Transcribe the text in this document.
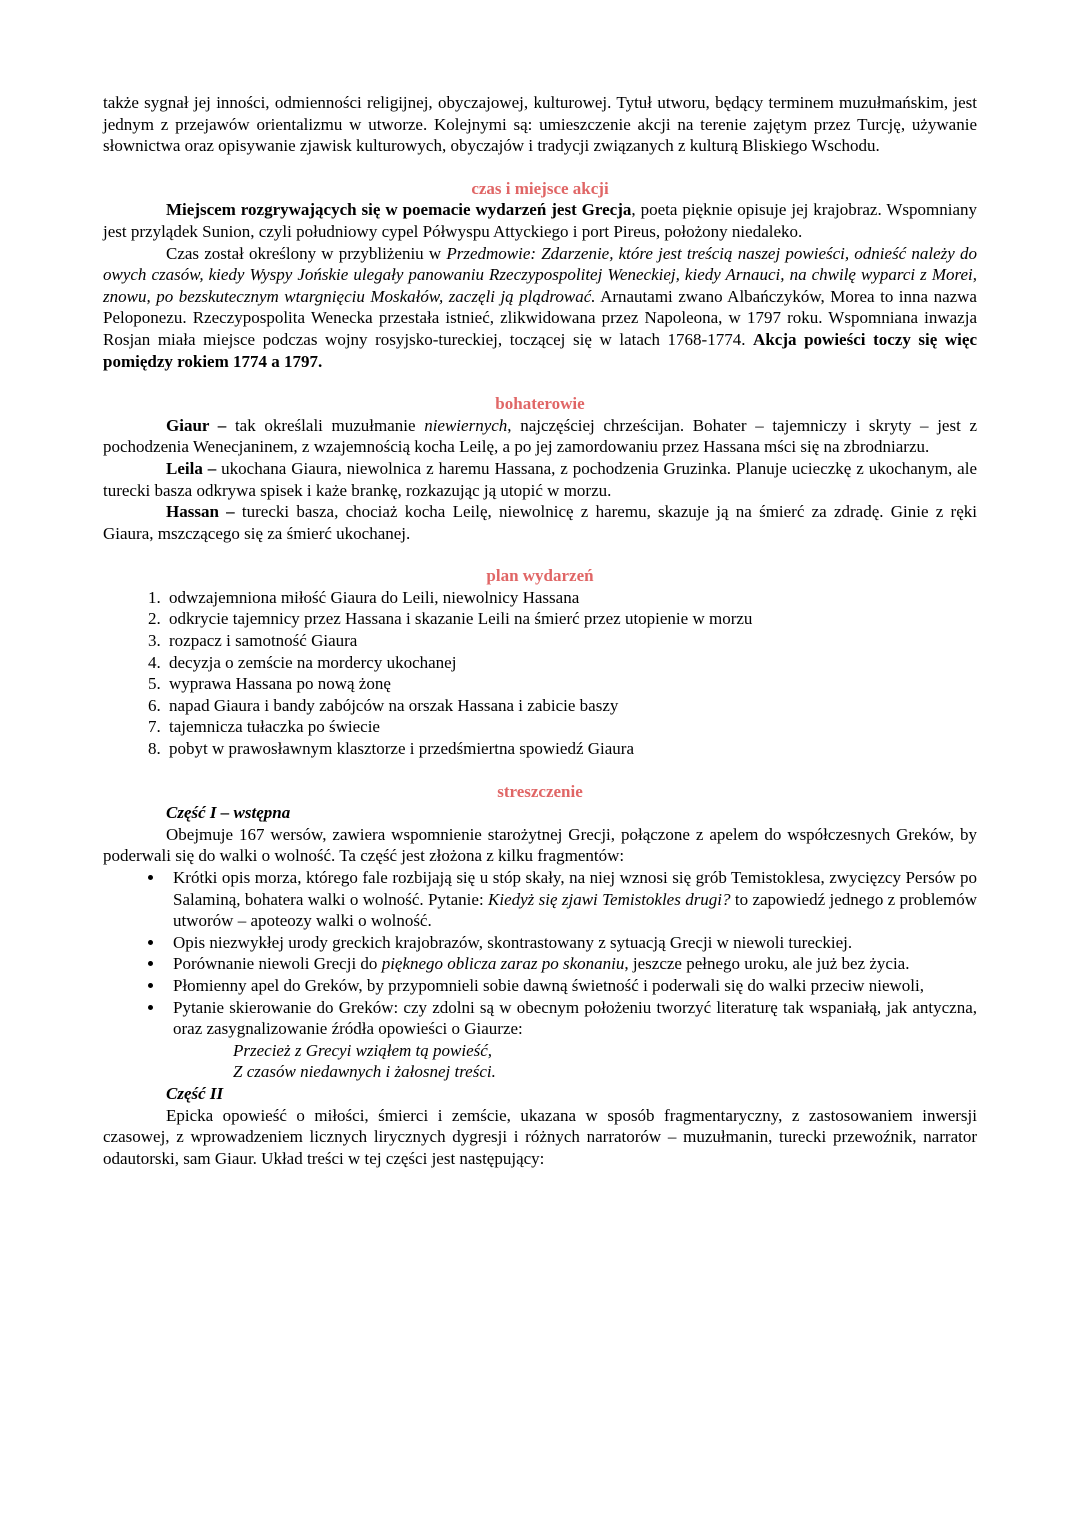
także sygnał jej inności, odmienności religijnej, obyczajowej, kulturowej. Tytuł utworu, będący terminem muzułmańskim, jest jednym z przejawów orientalizmu w utworze. Kolejnymi są: umieszczenie akcji na terenie zajętym przez Turcję, używanie słownictwa oraz opisywanie zjawisk kulturowych, obyczajów i tradycji związanych z kulturą Bliskiego Wschodu.

czas i miejsce akcji

Miejscem rozgrywających się w poemacie wydarzeń jest Grecja, poeta pięknie opisuje jej krajobraz. Wspomniany jest przylądek Sunion, czyli południowy cypel Półwyspu Attyckiego i port Pireus, położony niedaleko.

Czas został określony w przybliżeniu w Przedmowie: Zdarzenie, które jest treścią naszej powieści, odnieść należy do owych czasów, kiedy Wyspy Jońskie ulegały panowaniu Rzeczypospolitej Weneckiej, kiedy Arnauci, na chwilę wyparci z Morei, znowu, po bezskutecznym wtargnięciu Moskałów, zaczęli ją plądrować. Arnautami zwano Albańczyków, Morea to inna nazwa Peloponezu. Rzeczypospolita Wenecka przestała istnieć, zlikwidowana przez Napoleona, w 1797 roku. Wspomniana inwazja Rosjan miała miejsce podczas wojny rosyjsko-tureckiej, toczącej się w latach 1768-1774. Akcja powieści toczy się więc pomiędzy rokiem 1774 a 1797.

bohaterowie

Giaur – tak określali muzułmanie niewiernych, najczęściej chrześcijan. Bohater – tajemniczy i skryty – jest z pochodzenia Wenecjaninem, z wzajemnością kocha Leilę, a po jej zamordowaniu przez Hassana mści się na zbrodniarzu.

Leila – ukochana Giaura, niewolnica z haremu Hassana, z pochodzenia Gruzinka. Planuje ucieczkę z ukochanym, ale turecki basza odkrywa spisek i każe brankę, rozkazując ją utopić w morzu.

Hassan – turecki basza, chociaż kocha Leilę, niewolnicę z haremu, skazuje ją na śmierć za zdradę. Ginie z ręki Giaura, mszczącego się za śmierć ukochanej.

plan wydarzeń
1. odwzajemniona miłość Giaura do Leili, niewolnicy Hassana
2. odkrycie tajemnicy przez Hassana i skazanie Leili na śmierć przez utopienie w morzu
3. rozpacz i samotność Giaura
4. decyzja o zemście na mordercy ukochanej
5. wyprawa Hassana po nową żonę
6. napad Giaura i bandy zabójców na orszak Hassana i zabicie baszy
7. tajemnicza tułaczka po świecie
8. pobyt w prawosławnym klasztorze i przedśmiertna spowiedź Giaura
streszczenie

Część I – wstępna

Obejmuje 167 wersów, zawiera wspomnienie starożytnej Grecji, połączone z apelem do współczesnych Greków, by poderwali się do walki o wolność. Ta część jest złożona z kilku fragmentów:

• Krótki opis morza, którego fale rozbijają się u stóp skały, na niej wznosi się grób Temistoklesa, zwycięzcy Persów po Salaminą, bohatera walki o wolność. Pytanie: Kiedyż się zjawi Temistokles drugi? to zapowiedź jednego z problemów utworów – apoteozy walki o wolność.
• Opis niezwykłej urody greckich krajobrazów, skontrastowany z sytuacją Grecji w niewoli tureckiej.
• Porównanie niewoli Grecji do pięknego oblicza zaraz po skonaniu, jeszcze pełnego uroku, ale już bez życia.
• Płomienny apel do Greków, by przypomnieli sobie dawną świetność i poderwali się do walki przeciw niewoli,
• Pytanie skierowanie do Greków: czy zdolni są w obecnym położeniu tworzyć literaturę tak wspaniałą, jak antyczna, oraz zasygnalizowanie źródła opowieści o Giaurze:
Przecież z Grecyi wziąłem tą powieść,
Z czasów niedawnych i żałosnej treści.

Część II

Epicka opowieść o miłości, śmierci i zemście, ukazana w sposób fragmentaryczny, z zastosowaniem inwersji czasowej, z wprowadzeniem licznych lirycznych dygresji i różnych narratorów – muzułmanin, turecki przewoźnik, narrator odautorski, sam Giaur. Układ treści w tej części jest następujący:
